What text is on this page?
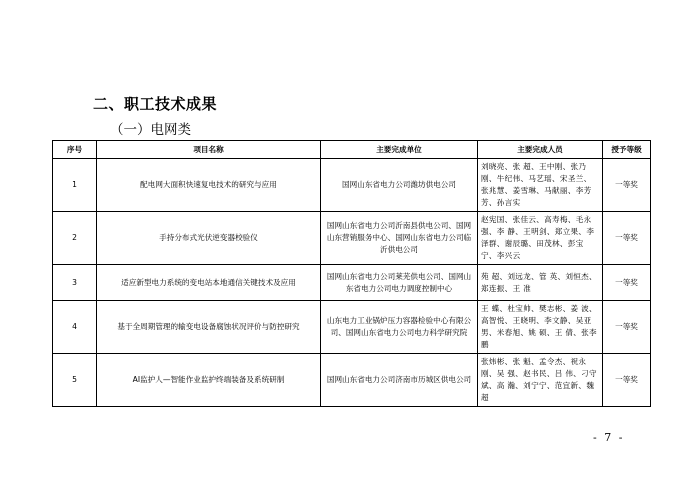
二、职工技术成果
（一）电网类
序号	项目名称	主要完成单位	主要完成人员	授予等级
1	配电网大面积快速复电技术的研究与应用	国网山东省电力公司潍坊供电公司	刘晓亮、张 超、王中刚、张乃刚、牛纪伟、马艺瑶、宋圣兰、张兆慧、姜雪琳、马献丽、李芳芳、孙言实	一等奖
2	手持分布式光伏逆变器校验仪	国网山东省电力公司沂南县供电公司、国网山东营销服务中心、国网山东省电力公司临沂供电公司	赵宪国、张佳云、高寿梅、毛永强、李 静、王明剑、郑立果、李泽群、谢辰璐、田茂林、彭宝宁、李兴云	一等奖
3	适应新型电力系统的变电站本地通信关键技术及应用	国网山东省电力公司莱芜供电公司、国网山东省电力公司电力调度控制中心	苑 超、刘远龙、管 英、刘恒杰、郑连振、王 准	一等奖
4	基于全周期管理的输变电设备腐蚀状况评价与防控研究	山东电力工业锅炉压力容器检验中心有限公司、国网山东省电力公司电力科学研究院	王 蝶、杜宝帅、樊志彬、姜 波、高智悦、王晓明、李文静、吴亚男、米春旭、姚 硕、王 倩、张李鹏	一等奖
5	AI监护人—智能作业监护终端装备及系统研制	国网山东省电力公司济南市历城区供电公司	张炜彬、张 魁、孟令杰、祝永刚、吴 强、赵书民、吕 伟、刁守斌、高 瀚、刘宁宁、范宜新、魏 超	一等奖
- 7 -
